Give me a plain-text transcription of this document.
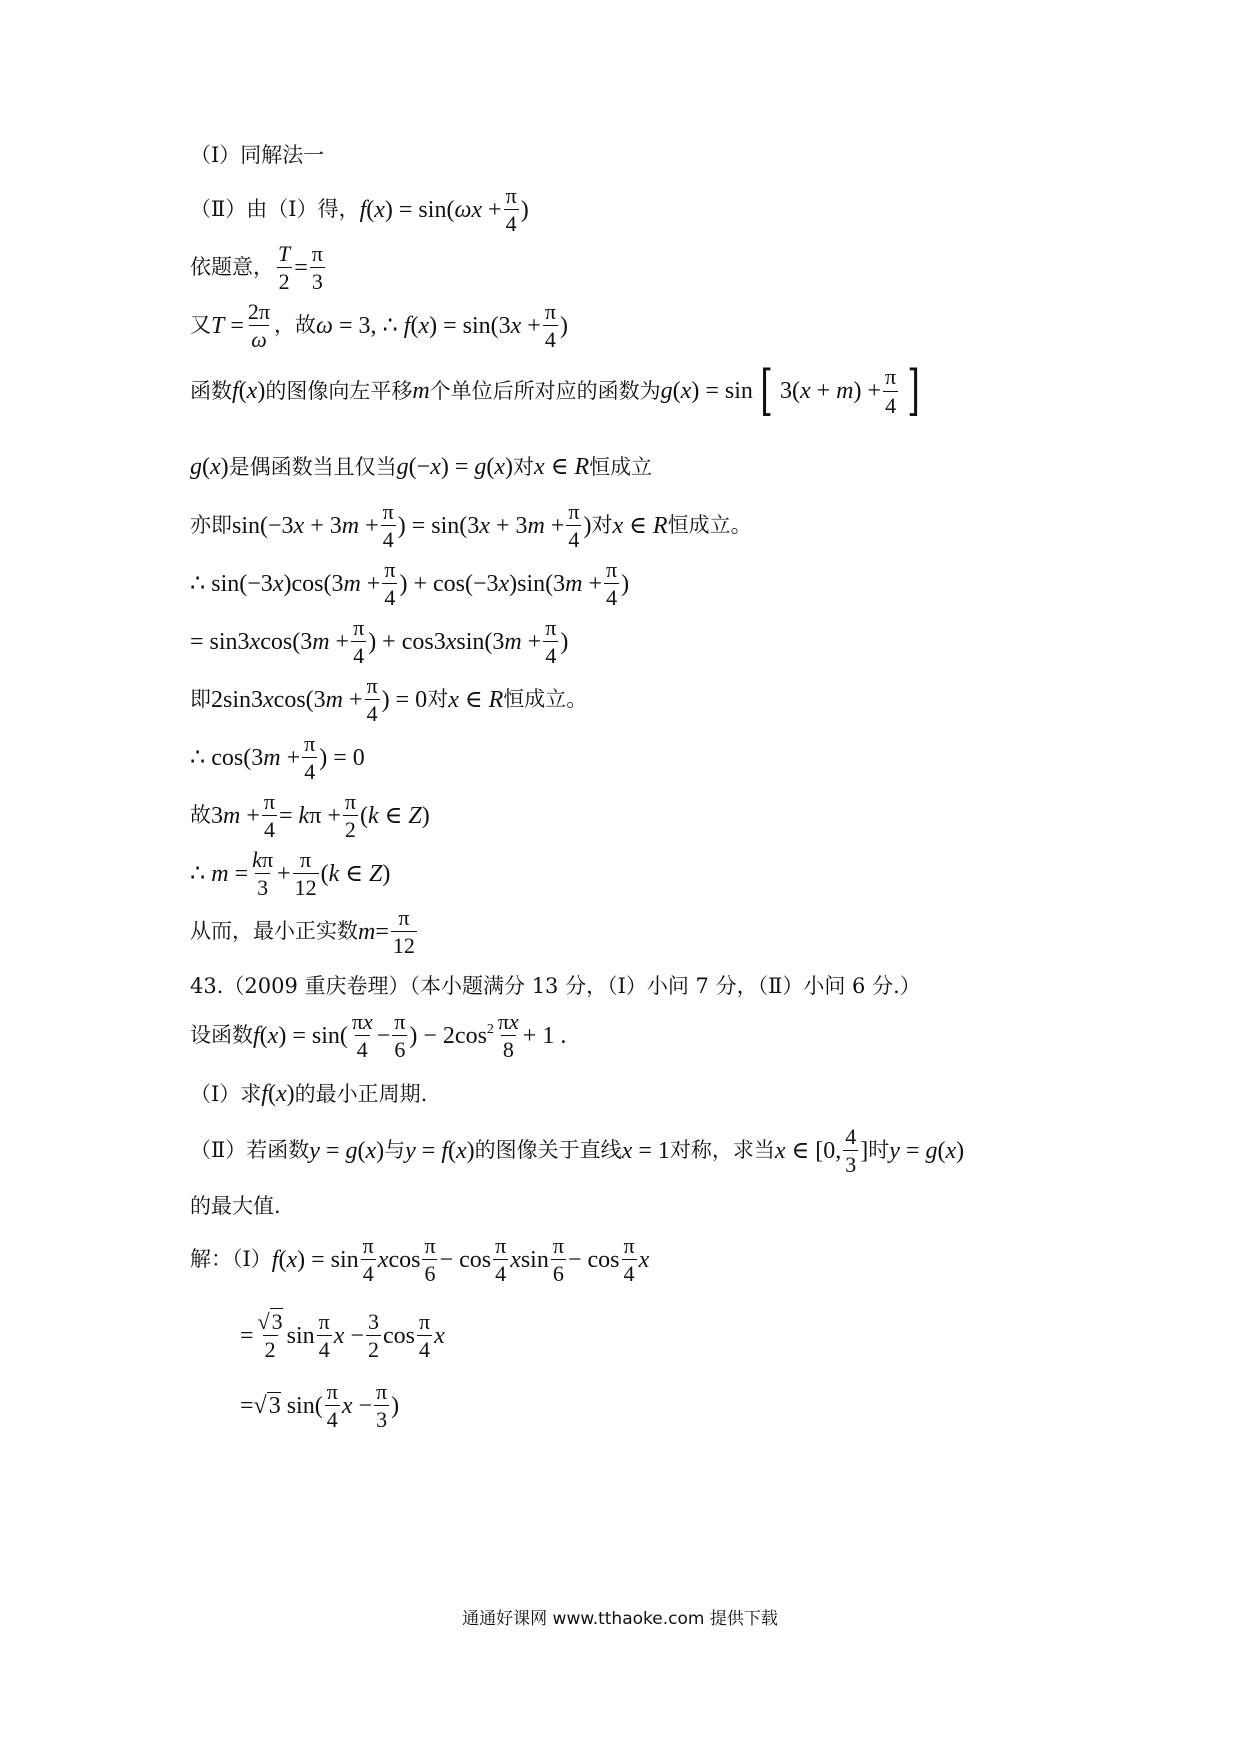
（I）同解法一
（Ⅱ）由（I）得， $f(x) = \sin(\omega x + \frac{\pi}{4}$ )
依题意， $\frac{T}{2} = \frac{\pi}{3}$
又 $T = \frac{2\pi}{\omega}$ ，故 ω = 3, ∴ $f(x) = \sin(3x + \frac{\pi}{4}$ )
函数 f(x) 的图像向左平移 m 个单位后所对应的函数为 g(x) = sin [ $3(x + m) + \frac{\pi}{4}$ ]
g(x) 是偶函数当且仅当 g(−x) = g(x) 对 x ∈ R 恒成立
亦即 $\sin(-3x + 3m + \frac{\pi}{4}$ ) = $\sin(3x + 3m + \frac{\pi}{4}$ ) 对 x ∈ R 恒成立。
∴ $\sin(-3x)\cos(3m + \frac{\pi}{4}$ ) + $\cos(-3x)\sin(3m + \frac{\pi}{4}$ )
= $\sin 3xcos(3m + \frac{\pi}{4}$ ) + $\cos 3xsin(3m + \frac{\pi}{4}$ )
即 $2\sin 3xcos(3m + \frac{\pi}{4}$ ) = 0 对 x ∈ R 恒成立。
∴ $\cos(3m + \frac{\pi}{4}$ ) = 0
故 $3m + \frac{\pi}{4} = k\pi + \frac{\pi}{2} (k$ ∈ Z)
∴ $m = \frac{k\pi}{3} + \frac{\pi}{12} (k$ ∈ Z)
从而，最小正实数 $m = \frac{\pi}{12}$
43.（2009 重庆卷理）（本小题满分 13 分，（Ⅰ）小问 7 分，（Ⅱ）小问 6 分.）
设函数 f(x) = sin(
πx
4
− $\frac{\pi}{6}$ ) − $2\cos^2$ πx
8
+ 1 .
（Ⅰ）求 f(x) 的最小正周期.
（Ⅱ）若函数 y = g(x) 与 y = f(x) 的图像关于直线 x = 1 对称，求当 x ∈ [0,
4
3
] 时 y = g(x)
的最大值.
解：（Ⅰ） f(x) = sin
π
4
x cos
π
6
− cos
π
4
xsin
π
6
− cos
π
4
x
= $\frac{√3}{2}$ sin
π
4
$x - \frac{3}{2}$ cos
π
4
x
=√3 sin(
π
4
$x - \frac{\pi}{3}$ )
通通好课网 www.tthaoke.com 提供下载
